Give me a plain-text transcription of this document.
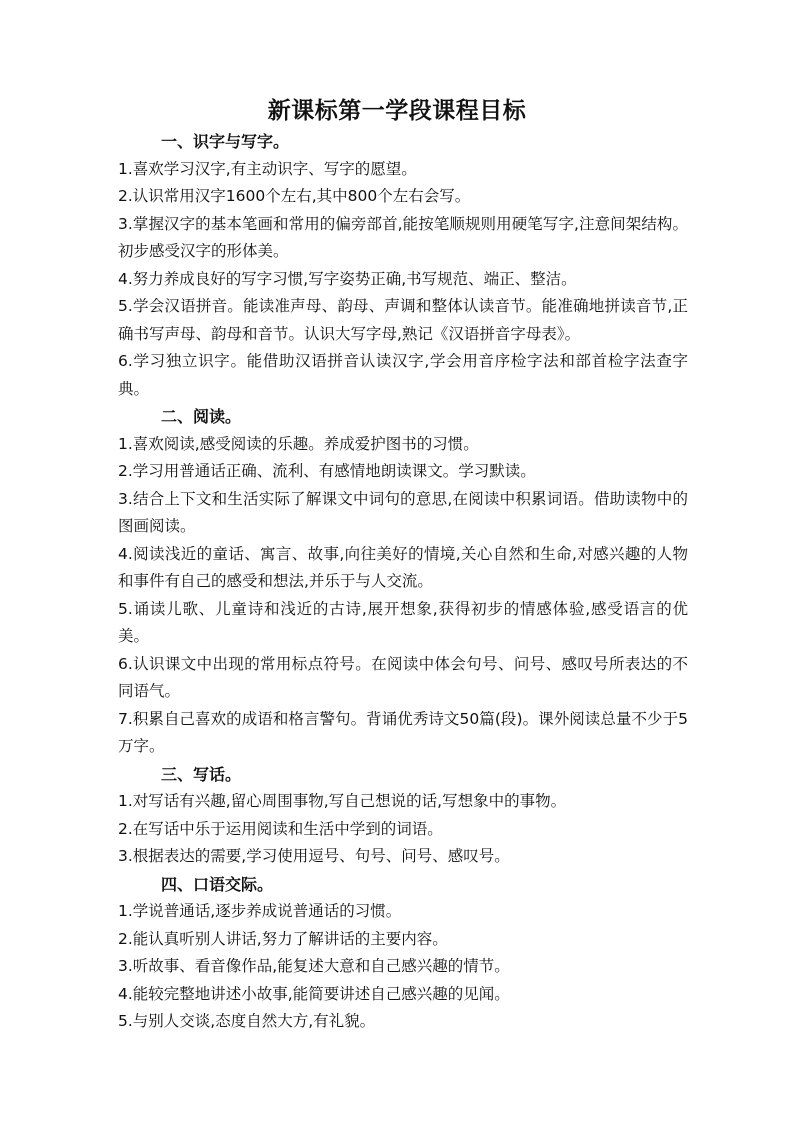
新课标第一学段课程目标
一、识字与写字。

1.喜欢学习汉字,有主动识字、写字的愿望。

2.认识常用汉字1600个左右,其中800个左右会写。

3.掌握汉字的基本笔画和常用的偏旁部首,能按笔顺规则用硬笔写字,注意间架结构。初步感受汉字的形体美。

4.努力养成良好的写字习惯,写字姿势正确,书写规范、端正、整洁。

5.学会汉语拼音。能读准声母、韵母、声调和整体认读音节。能准确地拼读音节,正确书写声母、韵母和音节。认识大写字母,熟记《汉语拼音字母表》。

6.学习独立识字。能借助汉语拼音认读汉字,学会用音序检字法和部首检字法查字典。

二、阅读。

1.喜欢阅读,感受阅读的乐趣。养成爱护图书的习惯。

2.学习用普通话正确、流利、有感情地朗读课文。学习默读。

3.结合上下文和生活实际了解课文中词句的意思,在阅读中积累词语。借助读物中的图画阅读。

4.阅读浅近的童话、寓言、故事,向往美好的情境,关心自然和生命,对感兴趣的人物和事件有自己的感受和想法,并乐于与人交流。

5.诵读儿歌、儿童诗和浅近的古诗,展开想象,获得初步的情感体验,感受语言的优美。

6.认识课文中出现的常用标点符号。在阅读中体会句号、问号、感叹号所表达的不同语气。

7.积累自己喜欢的成语和格言警句。背诵优秀诗文50篇(段)。课外阅读总量不少于5万字。

三、写话。

1.对写话有兴趣,留心周围事物,写自己想说的话,写想象中的事物。

2.在写话中乐于运用阅读和生活中学到的词语。

3.根据表达的需要,学习使用逗号、句号、问号、感叹号。

四、口语交际。

1.学说普通话,逐步养成说普通话的习惯。

2.能认真听别人讲话,努力了解讲话的主要内容。

3.听故事、看音像作品,能复述大意和自己感兴趣的情节。

4.能较完整地讲述小故事,能简要讲述自己感兴趣的见闻。

5.与别人交谈,态度自然大方,有礼貌。
